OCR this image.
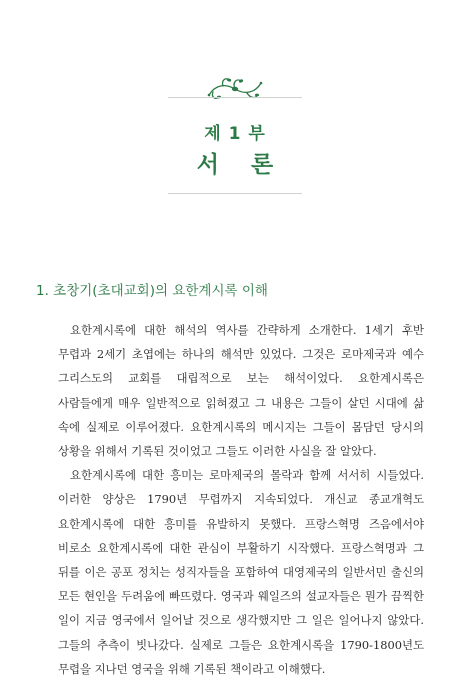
제 1 부
서 론
1. 초창기(초대교회)의 요한계시록 이해

요한계시록에 대한 해석의 역사를 간략하게 소개한다. 1세기 후반 무렵과 2세기 초엽에는 하나의 해석만 있었다. 그것은 로마제국과 예수 그리스도의 교회를 대립적으로 보는 해석이었다. 요한계시록은 사람들에게 매우 일반적으로 읽혀졌고 그 내용은 그들이 살던 시대에 삶 속에 실제로 이루어졌다. 요한계시록의 메시지는 그들이 몸담던 당시의 상황을 위해서 기록된 것이었고 그들도 이러한 사실을 잘 알았다.

요한계시록에 대한 흥미는 로마제국의 몰락과 함께 서서히 시들었다. 이러한 양상은 1790년 무렵까지 지속되었다. 개신교 종교개혁도 요한계시록에 대한 흥미를 유발하지 못했다. 프랑스혁명 즈음에서야 비로소 요한계시록에 대한 관심이 부활하기 시작했다. 프랑스혁명과 그 뒤를 이은 공포 정치는 성직자들을 포함하여 대영제국의 일반서민 출신의 모든 현인을 두려움에 빠뜨렸다. 영국과 웨일즈의 설교자들은 뭔가 끔찍한 일이 지금 영국에서 일어날 것으로 생각했지만 그 일은 일어나지 않았다. 그들의 추측이 빗나갔다. 실제로 그들은 요한계시록을 1790-1800년도 무렵을 지나던 영국을 위해 기록된 책이라고 이해했다.
